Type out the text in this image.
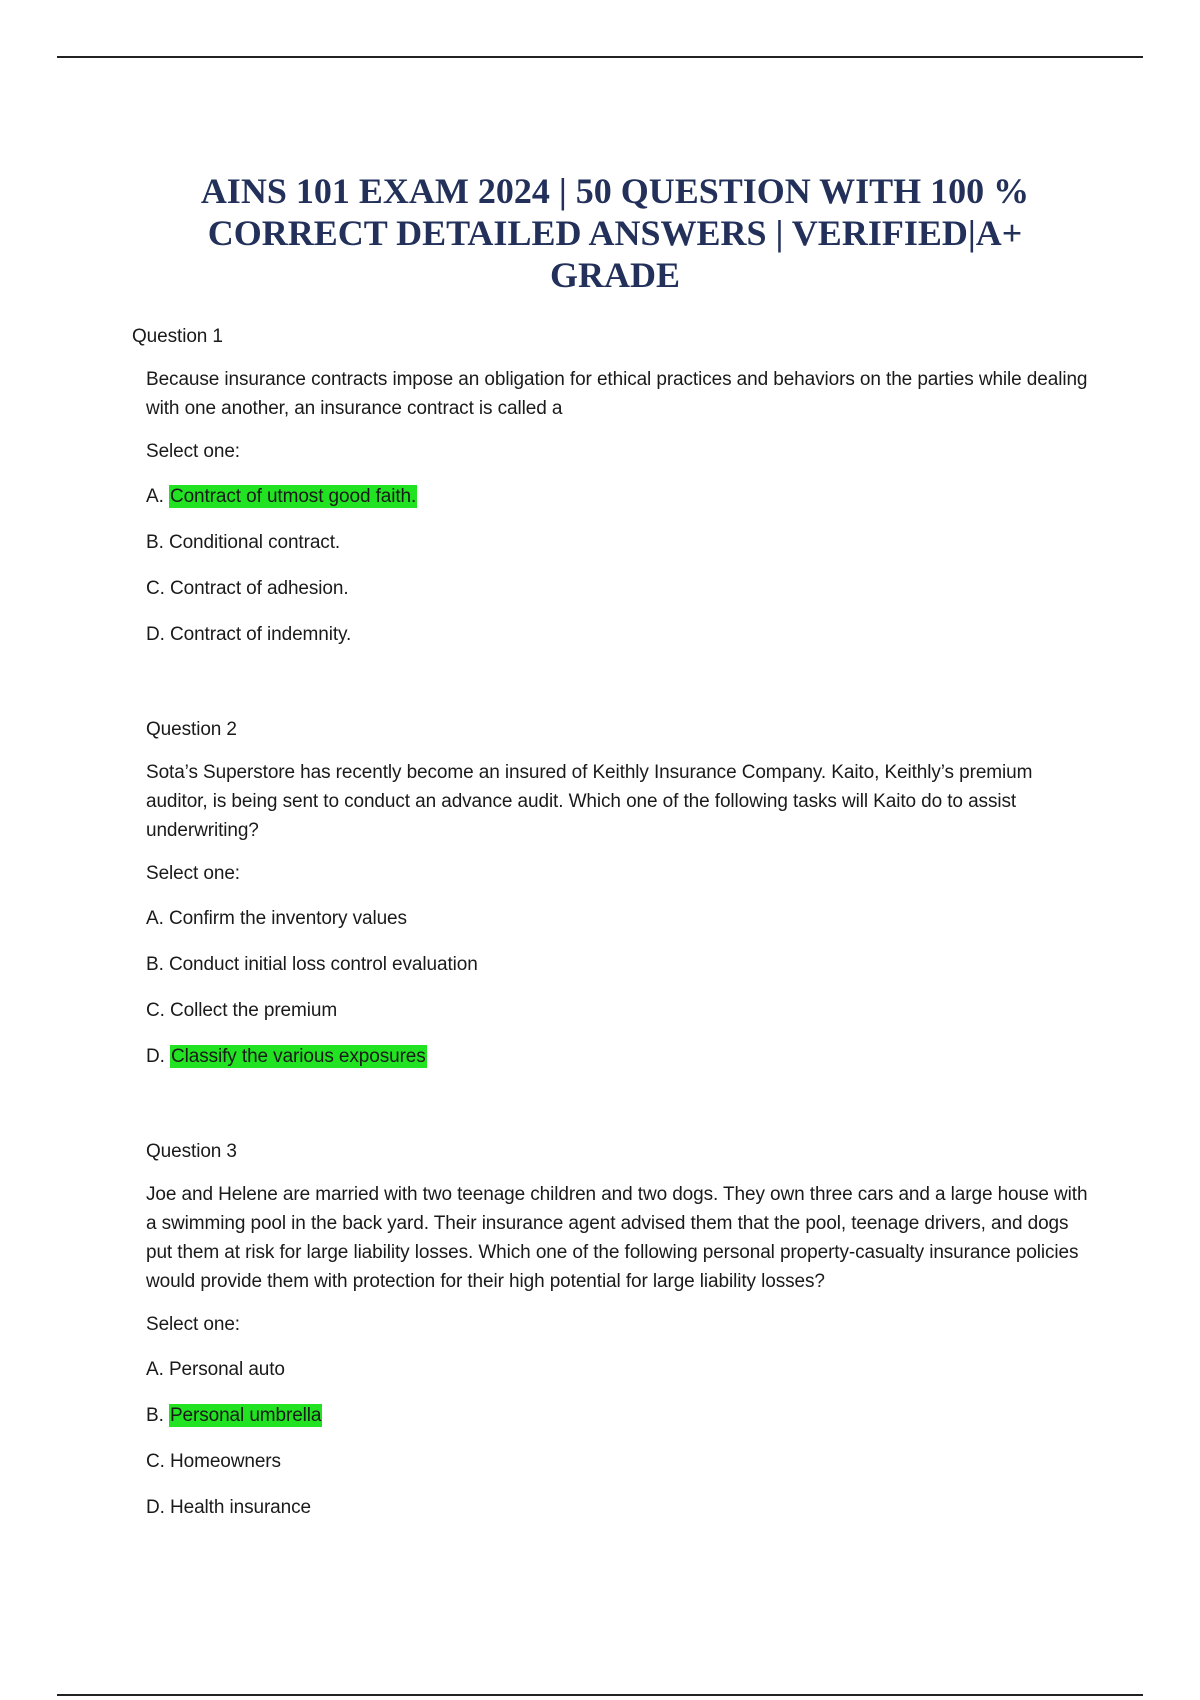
AINS 101 EXAM 2024 | 50 QUESTION WITH 100 % CORRECT DETAILED ANSWERS | VERIFIED|A+ GRADE

Question 1

Because insurance contracts impose an obligation for ethical practices and behaviors on the parties while dealing with one another, an insurance contract is called a

Select one:

A. Contract of utmost good faith.

B. Conditional contract.

C. Contract of adhesion.

D. Contract of indemnity.

Question 2

Sota’s Superstore has recently become an insured of Keithly Insurance Company. Kaito, Keithly’s premium auditor, is being sent to conduct an advance audit. Which one of the following tasks will Kaito do to assist underwriting?

Select one:

A. Confirm the inventory values

B. Conduct initial loss control evaluation

C. Collect the premium

D. Classify the various exposures

Question 3

Joe and Helene are married with two teenage children and two dogs. They own three cars and a large house with a swimming pool in the back yard. Their insurance agent advised them that the pool, teenage drivers, and dogs put them at risk for large liability losses. Which one of the following personal property-casualty insurance policies would provide them with protection for their high potential for large liability losses?

Select one:

A. Personal auto

B. Personal umbrella

C. Homeowners

D. Health insurance
